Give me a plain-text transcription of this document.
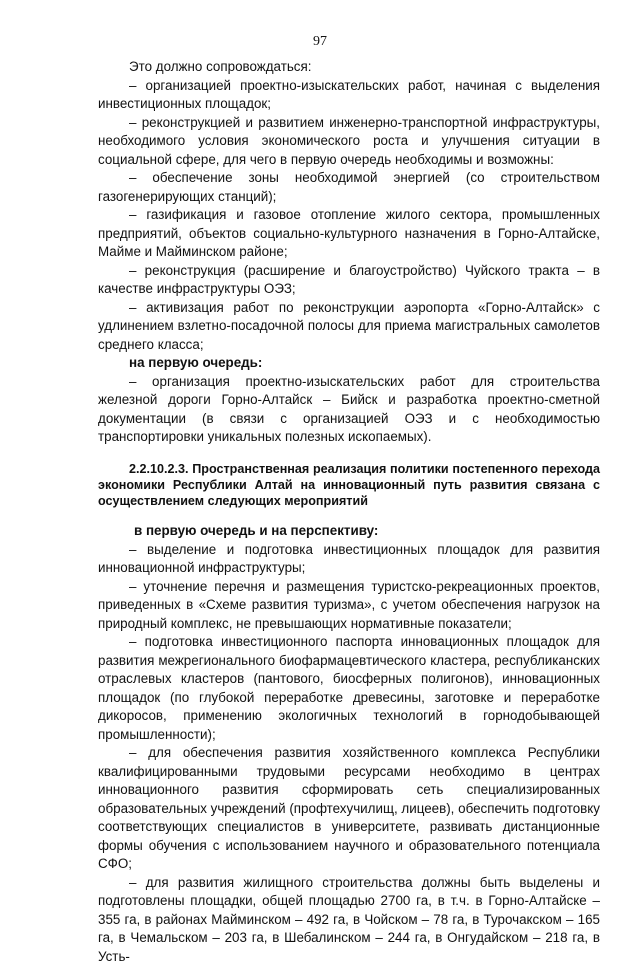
97

Это должно сопровождаться:

– организацией проектно-изыскательских работ, начиная с выделения инвестиционных площадок;

– реконструкцией и развитием инженерно-транспортной инфраструктуры, необходимого условия экономического роста и улучшения ситуации в социальной сфере, для чего в первую очередь необходимы и возможны:

– обеспечение зоны необходимой энергией (со строительством газогенерирующих станций);

– газификация и газовое отопление жилого сектора, промышленных предприятий, объектов социально-культурного назначения в Горно-Алтайске, Майме и Майминском районе;

– реконструкция (расширение и благоустройство) Чуйского тракта – в качестве инфраструктуры ОЭЗ;

– активизация работ по реконструкции аэропорта «Горно-Алтайск» с удлинением взлетно-посадочной полосы для приема магистральных самолетов среднего класса;

на первую очередь:

– организация проектно-изыскательских работ для строительства железной дороги Горно-Алтайск – Бийск и разработка проектно-сметной документации (в связи с организацией ОЭЗ и с необходимостью транспортировки уникальных полезных ископаемых).

2.2.10.2.3. Пространственная реализация политики постепенного перехода экономики Республики Алтай на инновационный путь развития связана с осуществлением следующих мероприятий

в первую очередь и на перспективу:

– выделение и подготовка инвестиционных площадок для развития инновационной инфраструктуры;

– уточнение перечня и размещения туристско-рекреационных проектов, приведенных в «Схеме развития туризма», с учетом обеспечения нагрузок на природный комплекс, не превышающих нормативные показатели;

– подготовка инвестиционного паспорта инновационных площадок для развития межрегионального биофармацевтического кластера, республиканских отраслевых кластеров (пантового, биосферных полигонов), инновационных площадок (по глубокой переработке древесины, заготовке и переработке дикоросов, применению экологичных технологий в горнодобывающей промышленности);

– для обеспечения развития хозяйственного комплекса Республики квалифицированными трудовыми ресурсами необходимо в центрах инновационного развития сформировать сеть специализированных образовательных учреждений (профтехучилищ, лицеев), обеспечить подготовку соответствующих специалистов в университете, развивать дистанционные формы обучения с использованием научного и образовательного потенциала СФО;

– для развития жилищного строительства должны быть выделены и подготовлены площадки, общей площадью 2700 га, в т.ч. в Горно-Алтайске – 355 га, в районах Майминском – 492 га, в Чойском – 78 га, в Турочакском – 165 га, в Чемальском – 203 га, в Шебалинском – 244 га, в Онгудайском – 218 га, в Усть-
